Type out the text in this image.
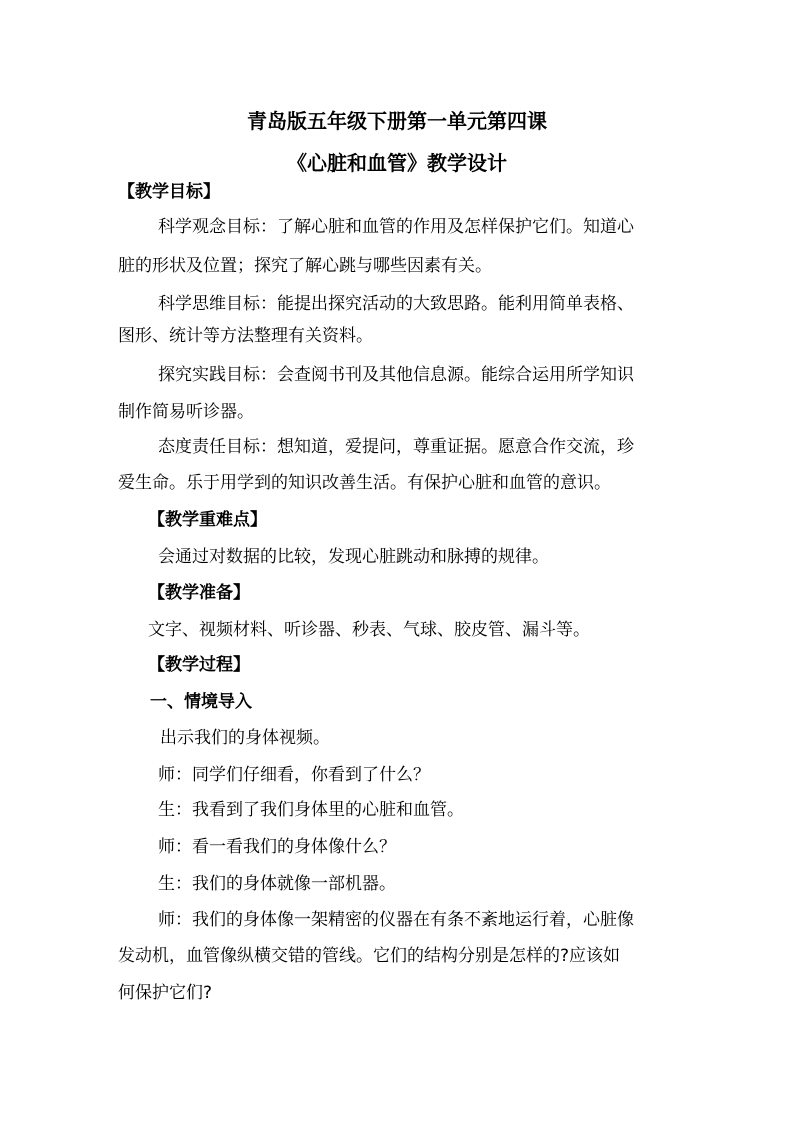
青岛版五年级下册第一单元第四课
《心脏和血管》教学设计
【教学目标】
科学观念目标：了解心脏和血管的作用及怎样保护它们。知道心
脏的形状及位置；探究了解心跳与哪些因素有关。
科学思维目标：能提出探究活动的大致思路。能利用简单表格、
图形、统计等方法整理有关资料。
探究实践目标：会查阅书刊及其他信息源。能综合运用所学知识
制作简易听诊器。
态度责任目标：想知道，爱提问，尊重证据。愿意合作交流，珍
爱生命。乐于用学到的知识改善生活。有保护心脏和血管的意识。
【教学重难点】
会通过对数据的比较，发现心脏跳动和脉搏的规律。
【教学准备】
文字、视频材料、听诊器、秒表、气球、胶皮管、漏斗等。
【教学过程】
一、情境导入
出示我们的身体视频。
师：同学们仔细看，你看到了什么？
生：我看到了我们身体里的心脏和血管。
师：看一看我们的身体像什么？
生：我们的身体就像一部机器。
师：我们的身体像一架精密的仪器在有条不紊地运行着，心脏像
发动机，血管像纵横交错的管线。它们的结构分别是怎样的?应该如
何保护它们?
